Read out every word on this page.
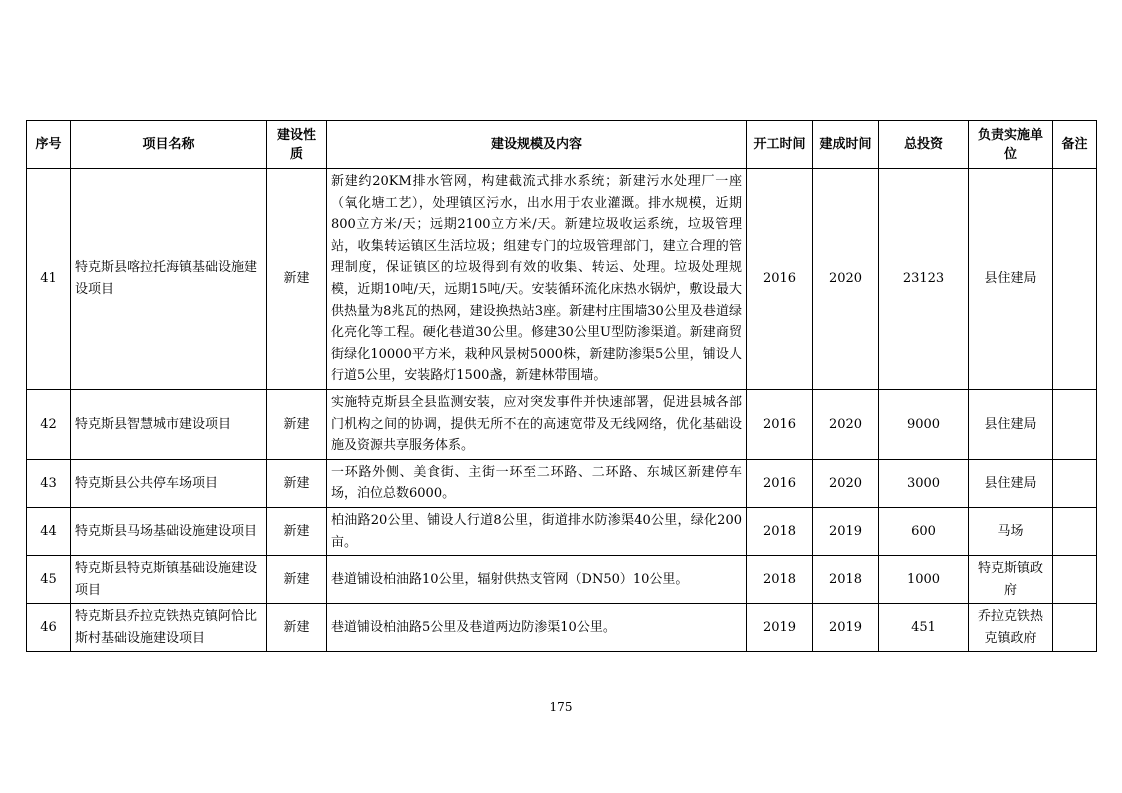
序号	项目名称	建设性质	建设规模及内容	开工时间	建成时间	总投资	负责实施单位	备注
41	特克斯县喀拉托海镇基础设施建设项目	新建	新建约20KM排水管网，构建截流式排水系统；新建污水处理厂一座（氧化塘工艺），处理镇区污水，出水用于农业灌溉。排水规模，近期800立方米/天；远期2100立方米/天。新建垃圾收运系统，垃圾管理站，收集转运镇区生活垃圾；组建专门的垃圾管理部门，建立合理的管理制度，保证镇区的垃圾得到有效的收集、转运、处理。垃圾处理规模，近期10吨/天，远期15吨/天。安装循环流化床热水锅炉，敷设最大供热量为8兆瓦的热网，建设换热站3座。新建村庄围墙30公里及巷道绿化亮化等工程。硬化巷道30公里。修建30公里U型防渗渠道。新建商贸街绿化10000平方米，栽种风景树5000株，新建防渗渠5公里，铺设人行道5公里，安装路灯1500盏，新建林带围墙。	2016	2020	23123	县住建局	
42	特克斯县智慧城市建设项目	新建	实施特克斯县全县监测安装，应对突发事件并快速部署，促进县城各部门机构之间的协调，提供无所不在的高速宽带及无线网络，优化基础设施及资源共享服务体系。	2016	2020	9000	县住建局	
43	特克斯县公共停车场项目	新建	一环路外侧、美食街、主街一环至二环路、二环路、东城区新建停车场，泊位总数6000。	2016	2020	3000	县住建局	
44	特克斯县马场基础设施建设项目	新建	柏油路20公里、铺设人行道8公里，街道排水防渗渠40公里，绿化200亩。	2018	2019	600	马场	
45	特克斯县特克斯镇基础设施建设项目	新建	巷道铺设柏油路10公里，辐射供热支管网（DN50）10公里。	2018	2018	1000	特克斯镇政府	
46	特克斯县乔拉克铁热克镇阿恰比斯村基础设施建设项目	新建	巷道铺设柏油路5公里及巷道两边防渗渠10公里。	2019	2019	451	乔拉克铁热克镇政府	
175
